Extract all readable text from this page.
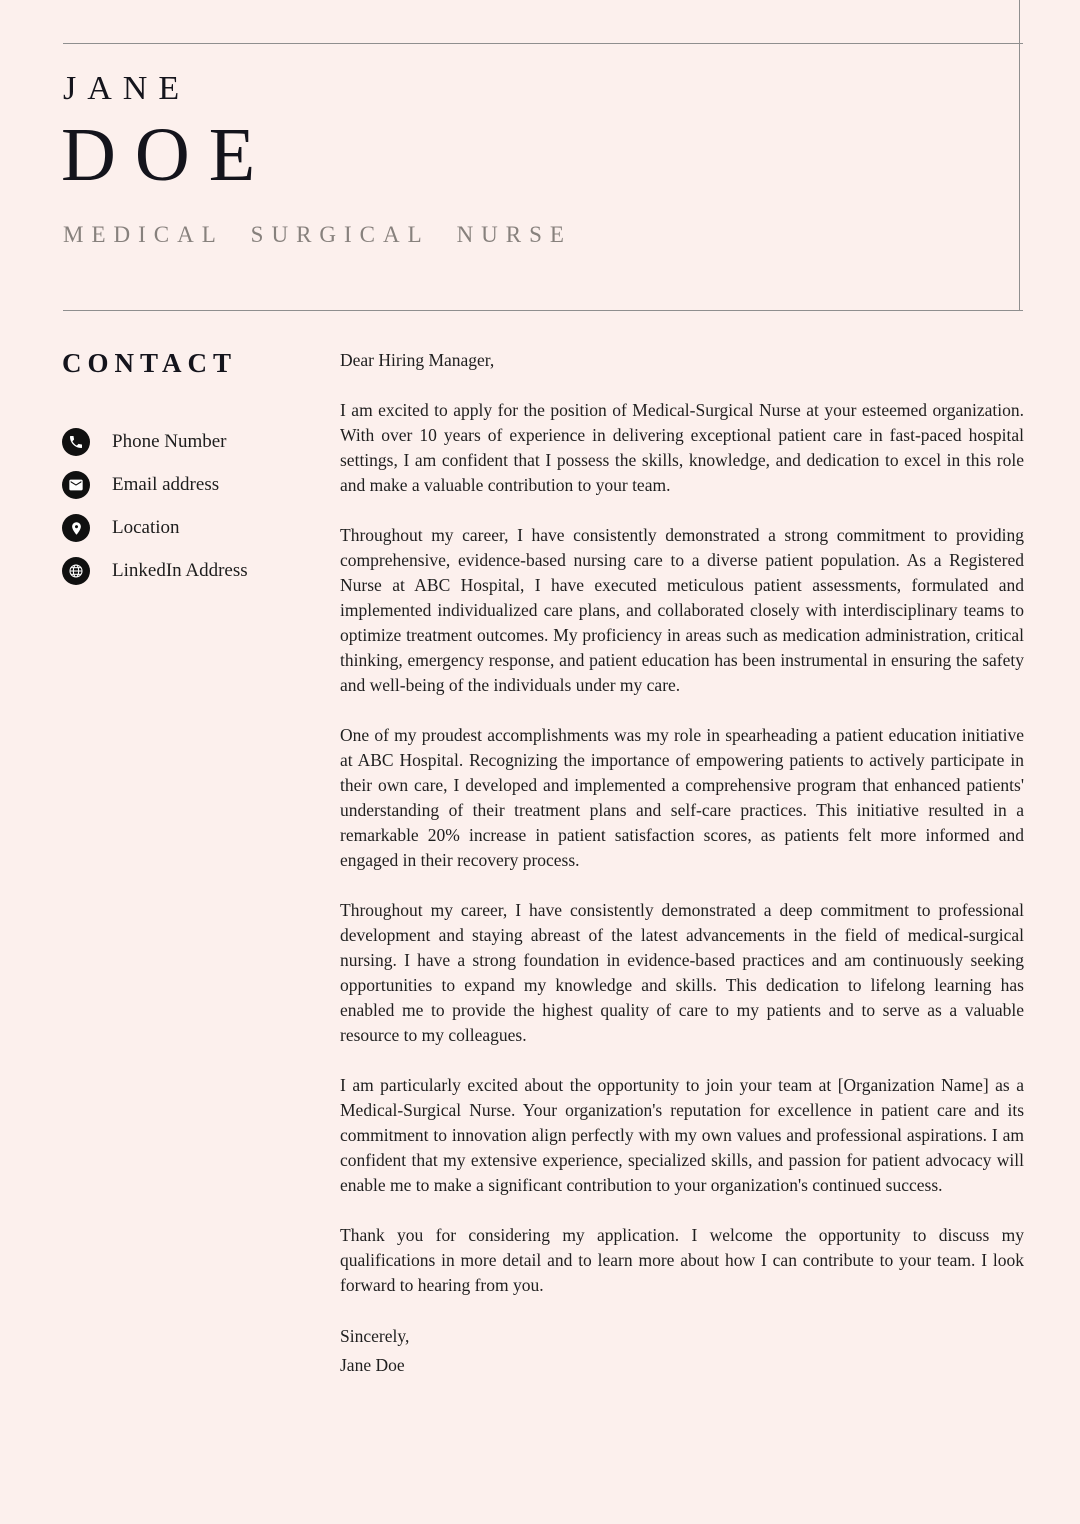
JANE
DOE
MEDICAL SURGICAL NURSE
CONTACT
Phone Number
Email address
Location
LinkedIn Address

Dear Hiring Manager,

I am excited to apply for the position of Medical-Surgical Nurse at your esteemed organization. With over 10 years of experience in delivering exceptional patient care in fast-paced hospital settings, I am confident that I possess the skills, knowledge, and dedication to excel in this role and make a valuable contribution to your team.

Throughout my career, I have consistently demonstrated a strong commitment to providing comprehensive, evidence-based nursing care to a diverse patient population. As a Registered Nurse at ABC Hospital, I have executed meticulous patient assessments, formulated and implemented individualized care plans, and collaborated closely with interdisciplinary teams to optimize treatment outcomes. My proficiency in areas such as medication administration, critical thinking, emergency response, and patient education has been instrumental in ensuring the safety and well-being of the individuals under my care.

One of my proudest accomplishments was my role in spearheading a patient education initiative at ABC Hospital. Recognizing the importance of empowering patients to actively participate in their own care, I developed and implemented a comprehensive program that enhanced patients' understanding of their treatment plans and self-care practices. This initiative resulted in a remarkable 20% increase in patient satisfaction scores, as patients felt more informed and engaged in their recovery process.

Throughout my career, I have consistently demonstrated a deep commitment to professional development and staying abreast of the latest advancements in the field of medical-surgical nursing. I have a strong foundation in evidence-based practices and am continuously seeking opportunities to expand my knowledge and skills. This dedication to lifelong learning has enabled me to provide the highest quality of care to my patients and to serve as a valuable resource to my colleagues.

I am particularly excited about the opportunity to join your team at [Organization Name] as a Medical-Surgical Nurse. Your organization's reputation for excellence in patient care and its commitment to innovation align perfectly with my own values and professional aspirations. I am confident that my extensive experience, specialized skills, and passion for patient advocacy will enable me to make a significant contribution to your organization's continued success.

Thank you for considering my application. I welcome the opportunity to discuss my qualifications in more detail and to learn more about how I can contribute to your team. I look forward to hearing from you.

Sincerely,

Jane Doe
